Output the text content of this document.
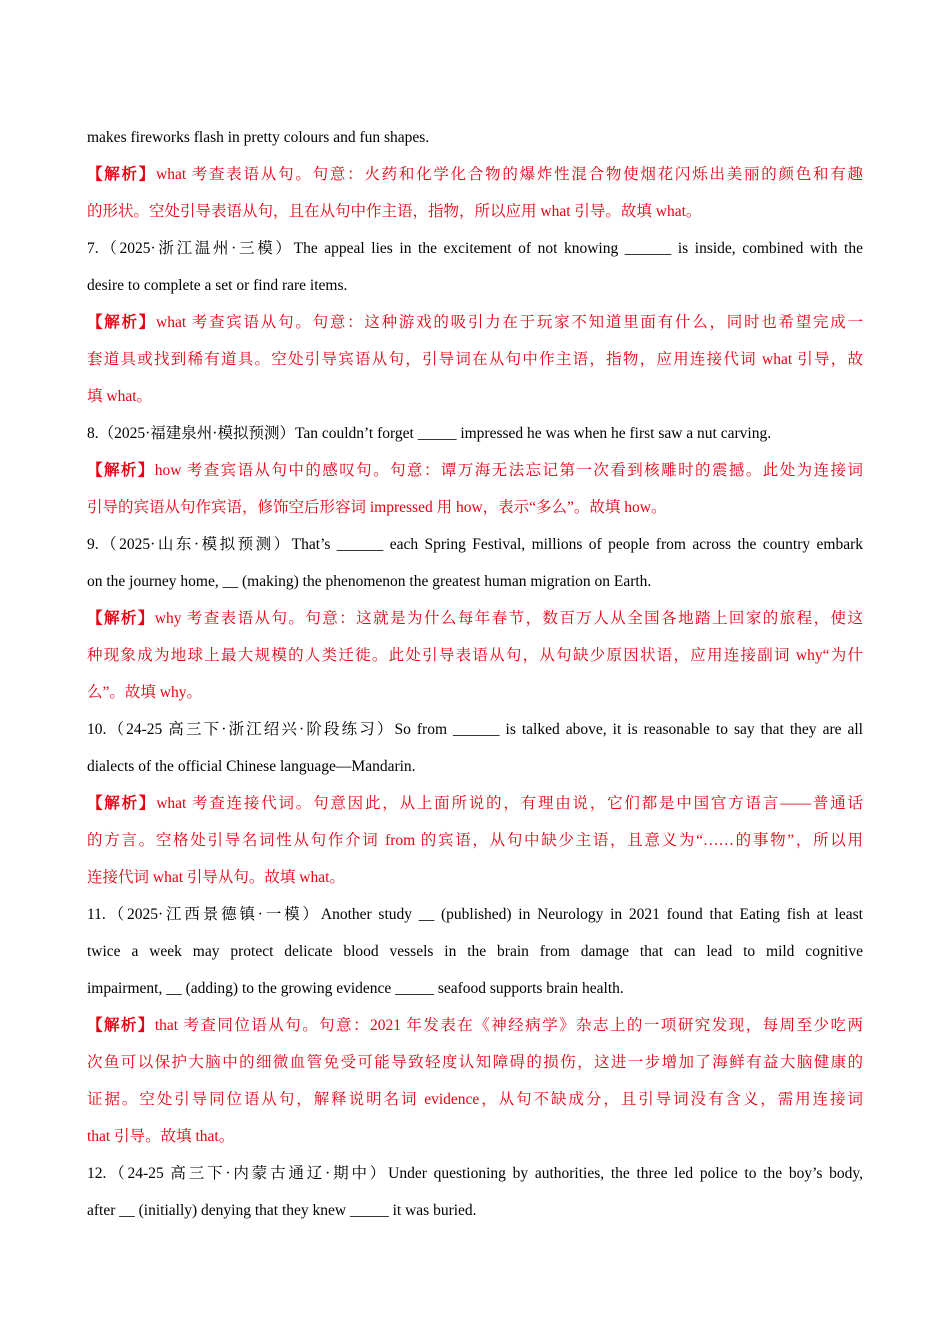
makes fireworks flash in pretty colours and fun shapes.
【解析】what 考查表语从句。句意：火药和化学化合物的爆炸性混合物使烟花闪烁出美丽的颜色和有趣
的形状。空处引导表语从句，且在从句中作主语，指物，所以应用 what 引导。故填 what。
7.（2025·浙江温州·三模）The appeal lies in the excitement of not knowing ______ is inside, combined with the
desire to complete a set or find rare items.
【解析】what 考查宾语从句。句意：这种游戏的吸引力在于玩家不知道里面有什么，同时也希望完成一
套道具或找到稀有道具。空处引导宾语从句，引导词在从句中作主语，指物，应用连接代词 what 引导，故
填 what。
8.（2025·福建泉州·模拟预测）Tan couldn’t forget _____ impressed he was when he first saw a nut carving.
【解析】how 考查宾语从句中的感叹句。句意：谭万海无法忘记第一次看到核雕时的震撼。此处为连接词
引导的宾语从句作宾语，修饰空后形容词 impressed 用 how，表示“多么”。故填 how。
9.（2025·山东·模拟预测）That’s ______ each Spring Festival, millions of people from across the country embark
on the journey home, __ (making) the phenomenon the greatest human migration on Earth.
【解析】why 考查表语从句。句意：这就是为什么每年春节，数百万人从全国各地踏上回家的旅程，使这
种现象成为地球上最大规模的人类迁徙。此处引导表语从句，从句缺少原因状语，应用连接副词 why“为什
么”。故填 why。
10.（24-25 高三下·浙江绍兴·阶段练习）So from ______ is talked above, it is reasonable to say that they are all
dialects of the official Chinese language—Mandarin.
【解析】what 考查连接代词。句意因此，从上面所说的，有理由说，它们都是中国官方语言——普通话
的方言。空格处引导名词性从句作介词 from 的宾语，从句中缺少主语，且意义为“……的事物”，所以用
连接代词 what 引导从句。故填 what。
11.（2025·江西景德镇·一模）Another study __ (published) in Neurology in 2021 found that Eating fish at least
twice a week may protect delicate blood vessels in the brain from damage that can lead to mild cognitive
impairment, __ (adding) to the growing evidence _____ seafood supports brain health.
【解析】that 考查同位语从句。句意：2021 年发表在《神经病学》杂志上的一项研究发现，每周至少吃两
次鱼可以保护大脑中的细微血管免受可能导致轻度认知障碍的损伤，这进一步增加了海鲜有益大脑健康的
证据。空处引导同位语从句，解释说明名词 evidence，从句不缺成分，且引导词没有含义，需用连接词
that 引导。故填 that。
12.（24-25 高三下·内蒙古通辽·期中）Under questioning by authorities, the three led police to the boy’s body,
after __ (initially) denying that they knew _____ it was buried.
